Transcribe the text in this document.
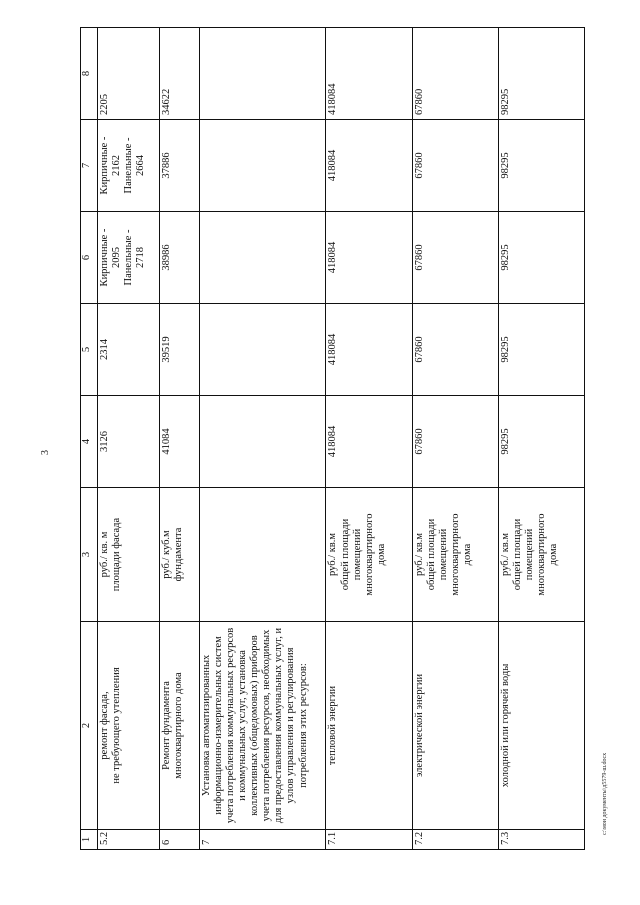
3
1	2	3	4	5	6	7	8
5.2	ремонт фасада, не требующего утепления	руб./ кв. м площади фасада	3126	2314	Кирпичные - 2095 Панельные - 2718	Кирпичные - 2162 Панельные - 2664	2205
6	Ремонт фундамента многоквартирного дома	руб./ куб.м фундамента	41084	39519	38986	37886	34622
7	Установка автоматизированных информационно-измерительных систем учета потребления коммунальных ресурсов и коммунальных услуг, установка коллективных (общедомовых) приборов учета потребления ресурсов, необходимых для предоставления коммунальных услуг, и узлов управления и регулирования потребления этих ресурсов:						
7.1	тепловой энергии	руб./ кв.м общей площади помещений многоквартирного дома	418084	418084	418084	418084	418084
7.2	электрической энергии	руб./ кв.м общей площади помещений многоквартирного дома	67860	67860	67860	67860	67860
7.3	холодной или горячей воды	руб./ кв.м общей площади помещений многоквартирного дома	98295	98295	98295	98295	98295
с:\мои документы\д5579-ш.docx
